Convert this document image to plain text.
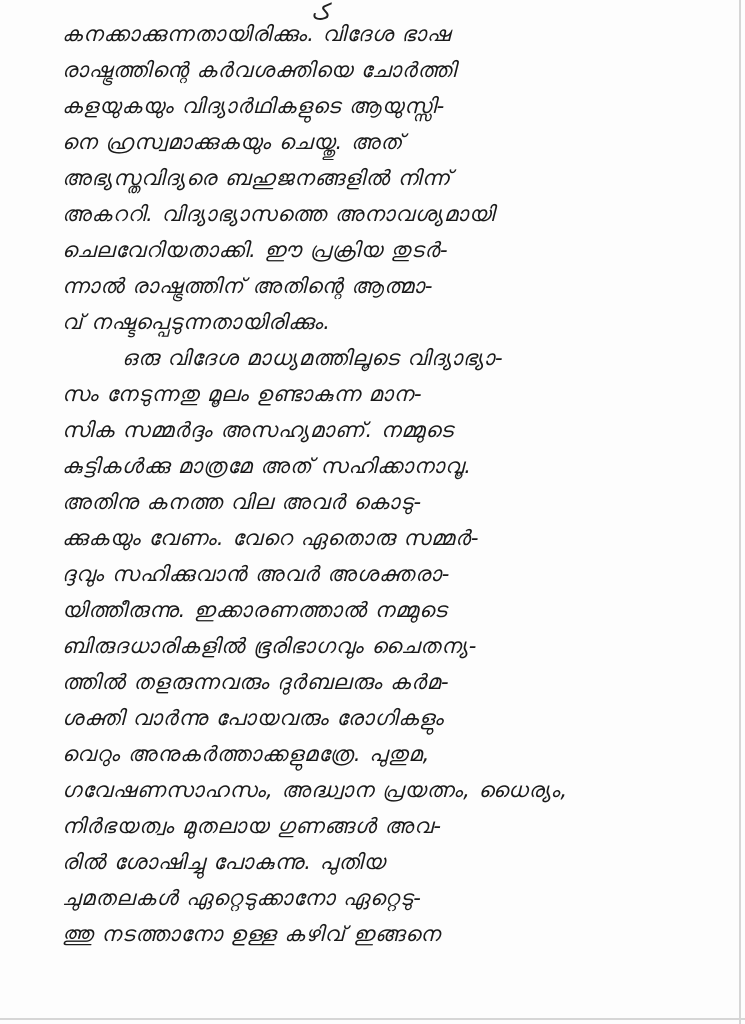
ک
കനക്കാക്കുന്നതായിരിക്കും. വിദേശ ഭാഷ
രാഷ്ട്രത്തിന്റെ കർവശക്തിയെ ചോർത്തി
കളയുകയും വിദ്യാർഥികളുടെ ആയുസ്സി-
നെ ഹ്രസ്വമാക്കുകയും ചെയ്തു. അത്
അഭ്യസ്തവിദ്യരെ ബഹുജനങ്ങളിൽ നിന്ന്
അകററി. വിദ്യാഭ്യാസത്തെ അനാവശ്യമായി
ചെലവേറിയതാക്കി. ഈ പ്രക്രിയ തുടർ-
ന്നാൽ രാഷ്ട്രത്തിന് അതിന്റെ ആത്മാ-
വ് നഷ്ടപ്പെടുന്നതായിരിക്കും.
ഒരു വിദേശ മാധ്യമത്തിലൂടെ വിദ്യാഭ്യാ-
സം നേടുന്നതു മൂലം ഉണ്ടാകുന്ന മാന-
സിക സമ്മർദ്ദം അസഹ്യമാണ്. നമ്മുടെ
കുട്ടികൾക്കു മാത്രമേ അത് സഹിക്കാനാവൂ.
അതിനു കനത്ത വില അവർ കൊടു-
ക്കുകയും വേണം. വേറെ ഏതൊരു സമ്മർ-
ദ്ദവും സഹിക്കുവാൻ അവർ അശക്തരാ-
യിത്തീരുന്നു. ഇക്കാരണത്താൽ നമ്മുടെ
ബിരുദധാരികളിൽ ഭൂരിഭാഗവും ചൈതന്യ-
ത്തിൽ തളരുന്നവരും ദുർബലരും കർമ-
ശക്തി വാർന്നു പോയവരും രോഗികളും
വെറും അനുകർത്താക്കളുമത്രേ. പുതുമ,
ഗവേഷണസാഹസം, അദ്ധ്വാന പ്രയത്നം, ധൈര്യം,
നിർഭയത്വം മുതലായ ഗുണങ്ങൾ അവ-
രിൽ ശോഷിച്ചു പോകുന്നു. പുതിയ
ചുമതലകൾ ഏറ്റെടുക്കാനോ ഏറ്റെടു-
ത്തു നടത്താനോ ഉള്ള കഴിവ് ഇങ്ങനെ
